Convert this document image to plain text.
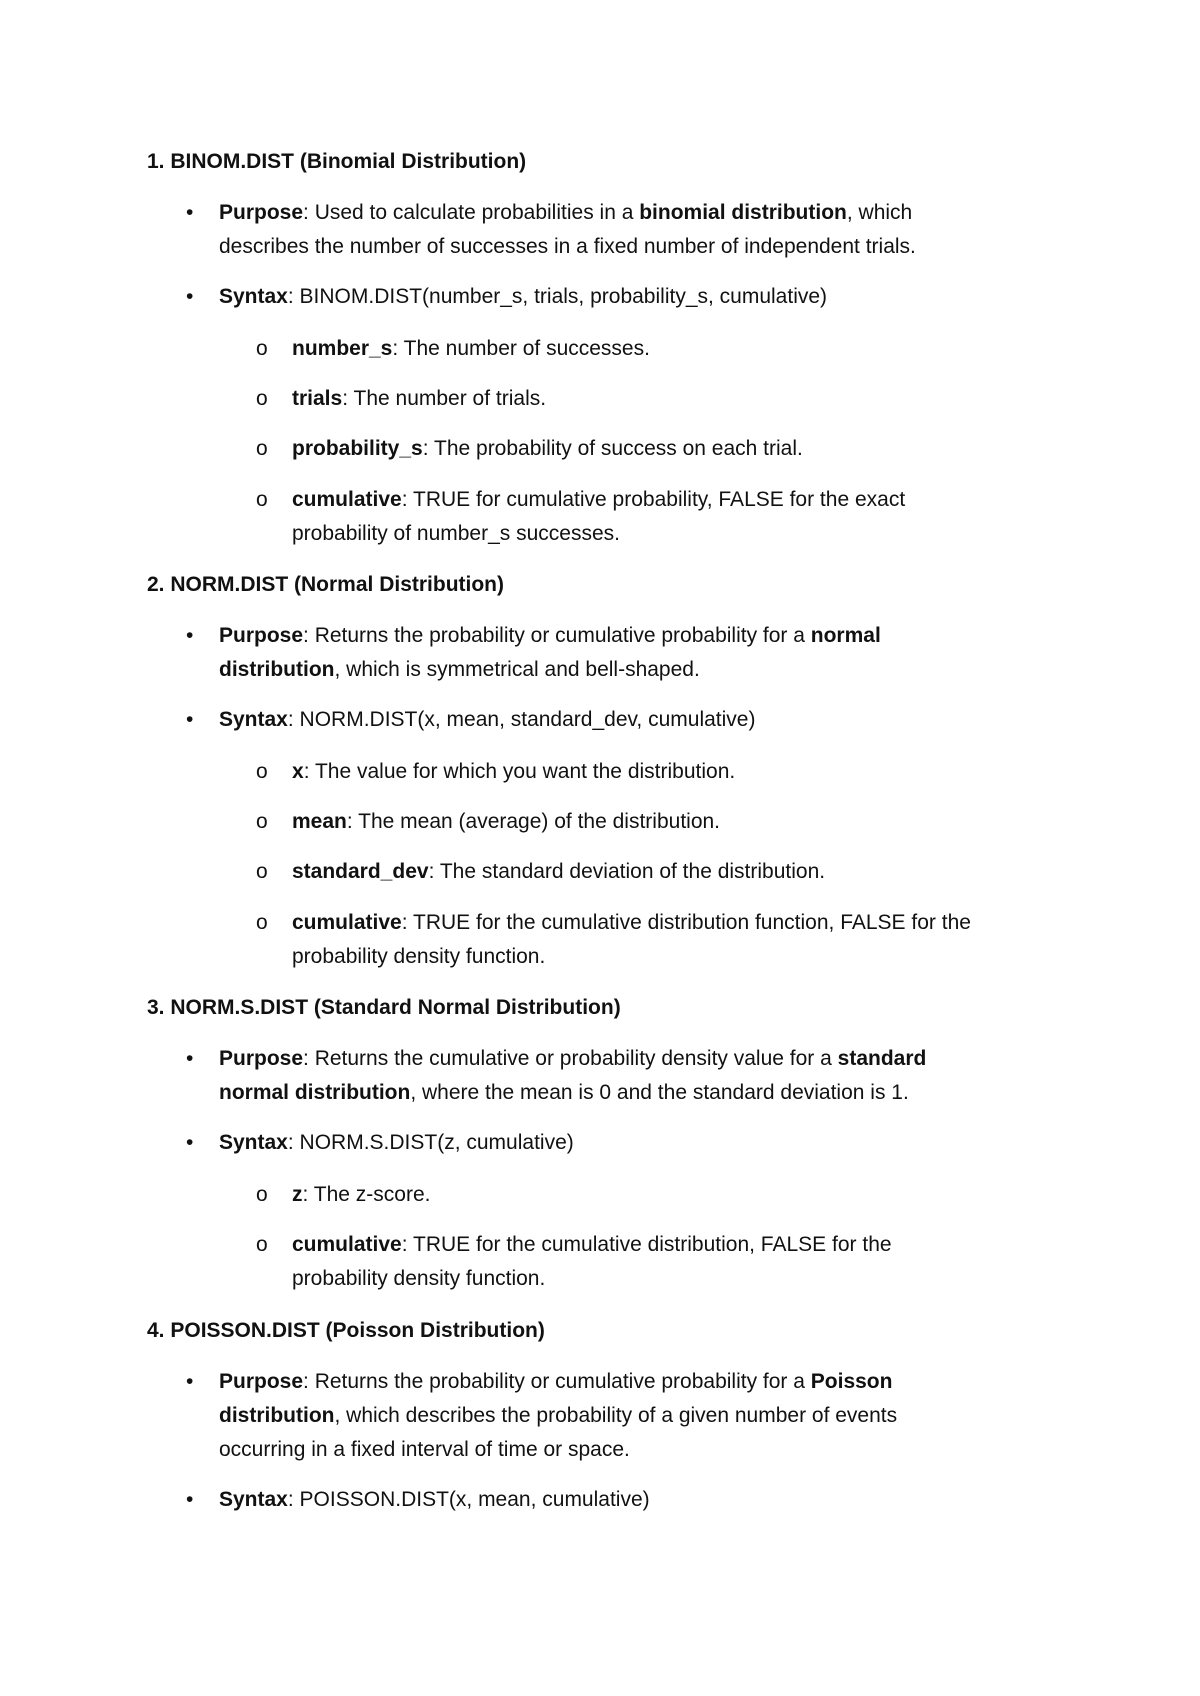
1. BINOM.DIST (Binomial Distribution)
• Purpose: Used to calculate probabilities in a binomial distribution, which
describes the number of successes in a fixed number of independent trials.
• Syntax: BINOM.DIST(number_s, trials, probability_s, cumulative)
o number_s: The number of successes.
o trials: The number of trials.
o probability_s: The probability of success on each trial.
o cumulative: TRUE for cumulative probability, FALSE for the exact
probability of number_s successes.
2. NORM.DIST (Normal Distribution)
• Purpose: Returns the probability or cumulative probability for a normal
distribution, which is symmetrical and bell-shaped.
• Syntax: NORM.DIST(x, mean, standard_dev, cumulative)
o x: The value for which you want the distribution.
o mean: The mean (average) of the distribution.
o standard_dev: The standard deviation of the distribution.
o cumulative: TRUE for the cumulative distribution function, FALSE for the
probability density function.
3. NORM.S.DIST (Standard Normal Distribution)
• Purpose: Returns the cumulative or probability density value for a standard
normal distribution, where the mean is 0 and the standard deviation is 1.
• Syntax: NORM.S.DIST(z, cumulative)
o z: The z-score.
o cumulative: TRUE for the cumulative distribution, FALSE for the
probability density function.
4. POISSON.DIST (Poisson Distribution)
• Purpose: Returns the probability or cumulative probability for a Poisson
distribution, which describes the probability of a given number of events
occurring in a fixed interval of time or space.
• Syntax: POISSON.DIST(x, mean, cumulative)
